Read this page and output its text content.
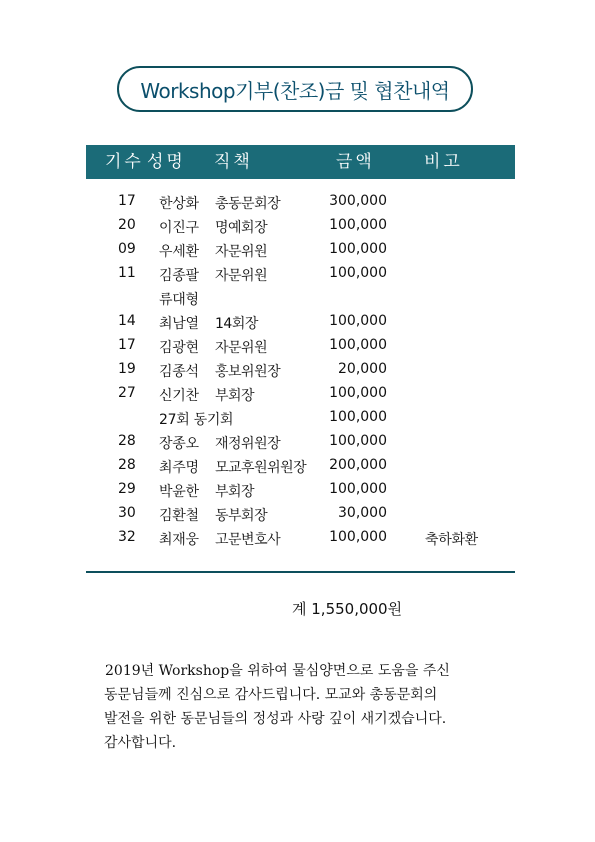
Workshop기부(찬조)금 및 협찬내역
기수 성명 직책	금액	비고
17 한상화 총동문회장	300,000
20 이진구 명예회장	100,000
09 우세환 자문위원	100,000
11 김종팔 자문위원	100,000
류대형
14 최남열 14회장	100,000
17 김광현 자문위원	100,000
19 김종석 홍보위원장	20,000
27 신기찬 부회장	100,000
27회 동기회	100,000
28 장종오 재정위원장	100,000
28 최주명 모교후원위원장 200,000
29 박윤한 부회장	100,000
30 김환철 동부회장	30,000
32 최재웅 고문변호사	100,000	축하화환
계 1,550,000원

2019년 Workshop을 위하여 물심양면으로 도움을 주신

동문님들께 진심으로 감사드립니다. 모교와 총동문회의

발전을 위한 동문님들의 정성과 사랑 깊이 새기겠습니다.

감사합니다.
